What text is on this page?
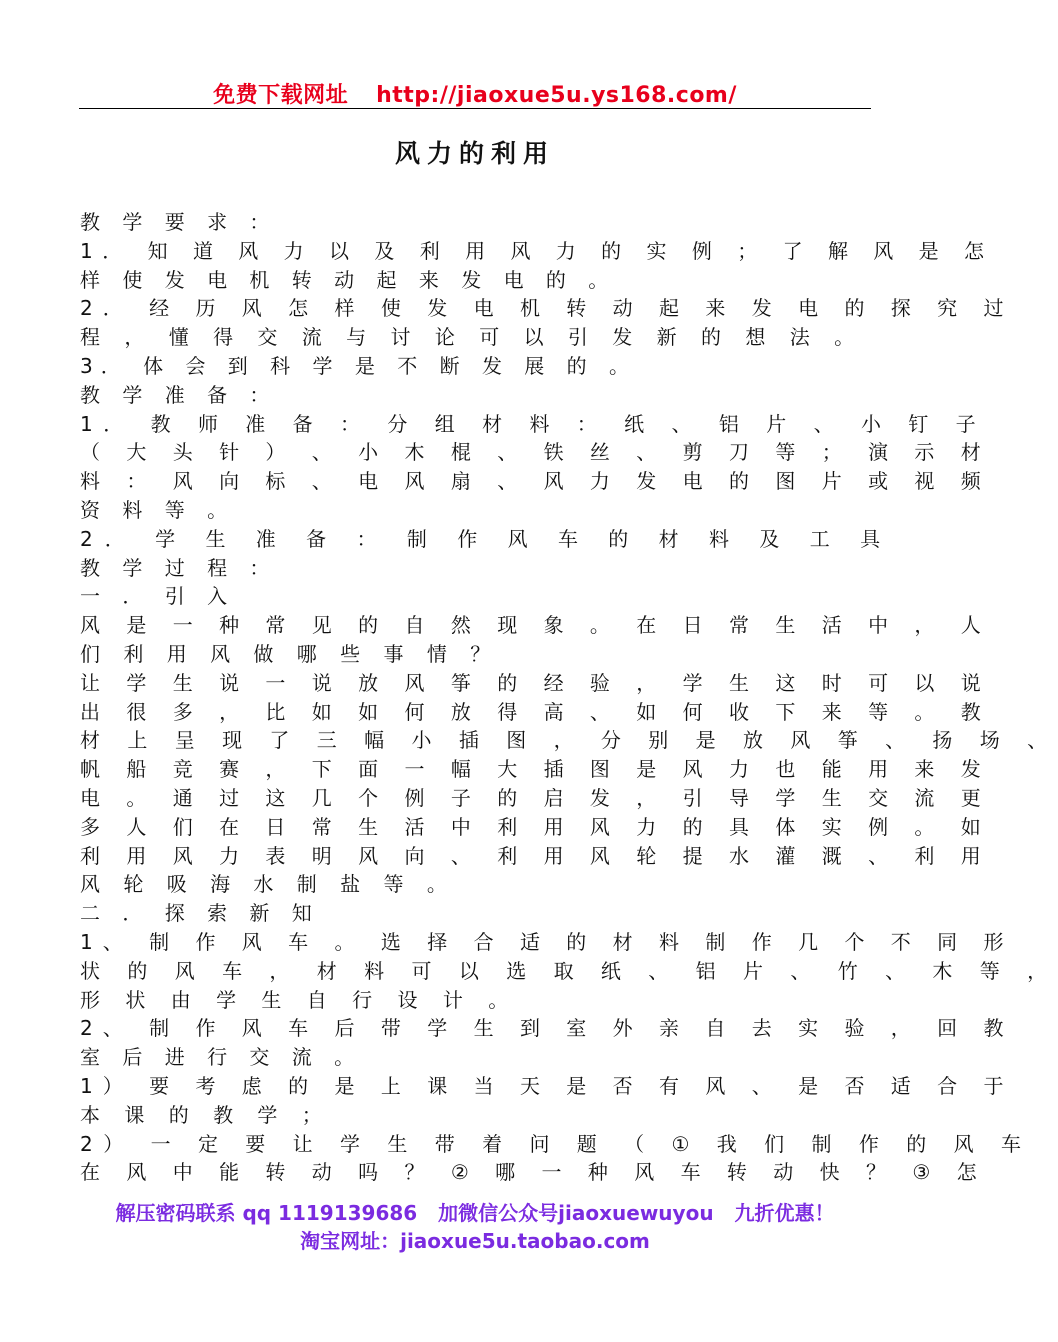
免费下载网址 http://jiaoxue5u.ys168.com/
风力的利用
教 学 要 求 ：
1． 知 道 风 力 以 及 利 用 风 力 的 实 例 ； 了 解 风 是 怎
样 使 发 电 机 转 动 起 来 发 电 的 。
2． 经 历 风 怎 样 使 发 电 机 转 动 起 来 发 电 的 探 究 过
程 ， 懂 得 交 流 与 讨 论 可 以 引 发 新 的 想 法 。
3． 体 会 到 科 学 是 不 断 发 展 的 。
教 学 准 备 ：
1． 教 师 准 备 ： 分 组 材 料 ： 纸 、 铝 片 、 小 钉 子
（ 大 头 针 ） 、 小 木 棍 、 铁 丝 、 剪 刀 等 ； 演 示 材
料 ： 风 向 标 、 电 风 扇 、 风 力 发 电 的 图 片 或 视 频
资 料 等 。
2． 学 生 准 备 ： 制 作 风 车 的 材 料 及 工 具
教 学 过 程 ：
一 ． 引 入
风 是 一 种 常 见 的 自 然 现 象 。 在 日 常 生 活 中 ， 人
们 利 用 风 做 哪 些 事 情 ？
让 学 生 说 一 说 放 风 筝 的 经 验 ， 学 生 这 时 可 以 说
出 很 多 ， 比 如 如 何 放 得 高 、 如 何 收 下 来 等 。 教
材 上 呈 现 了 三 幅 小 插 图 ， 分 别 是 放 风 筝 、 扬 场 、
帆 船 竞 赛 ， 下 面 一 幅 大 插 图 是 风 力 也 能 用 来 发
电 。 通 过 这 几 个 例 子 的 启 发 ， 引 导 学 生 交 流 更
多 人 们 在 日 常 生 活 中 利 用 风 力 的 具 体 实 例 。 如
利 用 风 力 表 明 风 向 、 利 用 风 轮 提 水 灌 溉 、 利 用
风 轮 吸 海 水 制 盐 等 。
二 ． 探 索 新 知
1、 制 作 风 车 。 选 择 合 适 的 材 料 制 作 几 个 不 同 形
状 的 风 车 ， 材 料 可 以 选 取 纸 、 铝 片 、 竹 、 木 等 ，
形 状 由 学 生 自 行 设 计 。
2、 制 作 风 车 后 带 学 生 到 室 外 亲 自 去 实 验 ， 回 教
室 后 进 行 交 流 。
1） 要 考 虑 的 是 上 课 当 天 是 否 有 风 、 是 否 适 合 于
本 课 的 教 学 ；
2） 一 定 要 让 学 生 带 着 问 题 （ ① 我 们 制 作 的 风 车
在 风 中 能 转 动 吗 ？ ② 哪 一 种 风 车 转 动 快 ？ ③ 怎
解压密码联系 qq 1119139686 加微信公众号jiaoxuewuyou 九折优惠！
淘宝网址：jiaoxue5u.taobao.com
